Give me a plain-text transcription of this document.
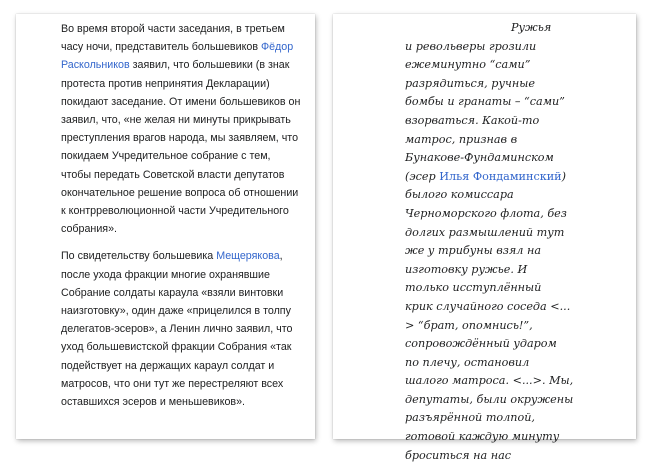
Во время второй части заседания, в третьем часу ночи, представитель большевиков Фёдор Раскольников заявил, что большевики (в знак протеста против непринятия Декларации) покидают заседание. От имени большевиков он заявил, что, «не желая ни минуты прикрывать преступления врагов народа, мы заявляем, что покидаем Учредительное собрание с тем, чтобы передать Советской власти депутатов окончательное решение вопроса об отношении к контрреволюционной части Учредительного собрания».

По свидетельству большевика Мещерякова, после ухода фракции многие охранявшие Собрание солдаты караула «взяли винтовки наизготовку», один даже «прицелился в толпу делегатов-эсеров», а Ленин лично заявил, что уход большевистской фракции Собрания «так подействует на держащих караул солдат и матросов, что они тут же перестреляют всех оставшихся эсеров и меньшевиков».

Ружья
и револьверы грозили
ежеминутно “сами”
разрядиться, ручные
бомбы и гранаты – “сами”
взорваться. Какой-то
матрос, признав в
Бунакове-Фундаминском
(эсер Илья Фондаминский)
былого комиссара
Черноморского флота, без
долгих размышлений тут
же у трибуны взял на
изготовку ружье. И
только исступлённый
крик случайного соседа <...
> “брат, опомнись!”,
сопровождённый ударом
по плечу, остановил
шалого матроса. <...>. Мы,
депутаты, были окружены
разъярённой толпой,
готовой каждую минуту
броситься на нас
